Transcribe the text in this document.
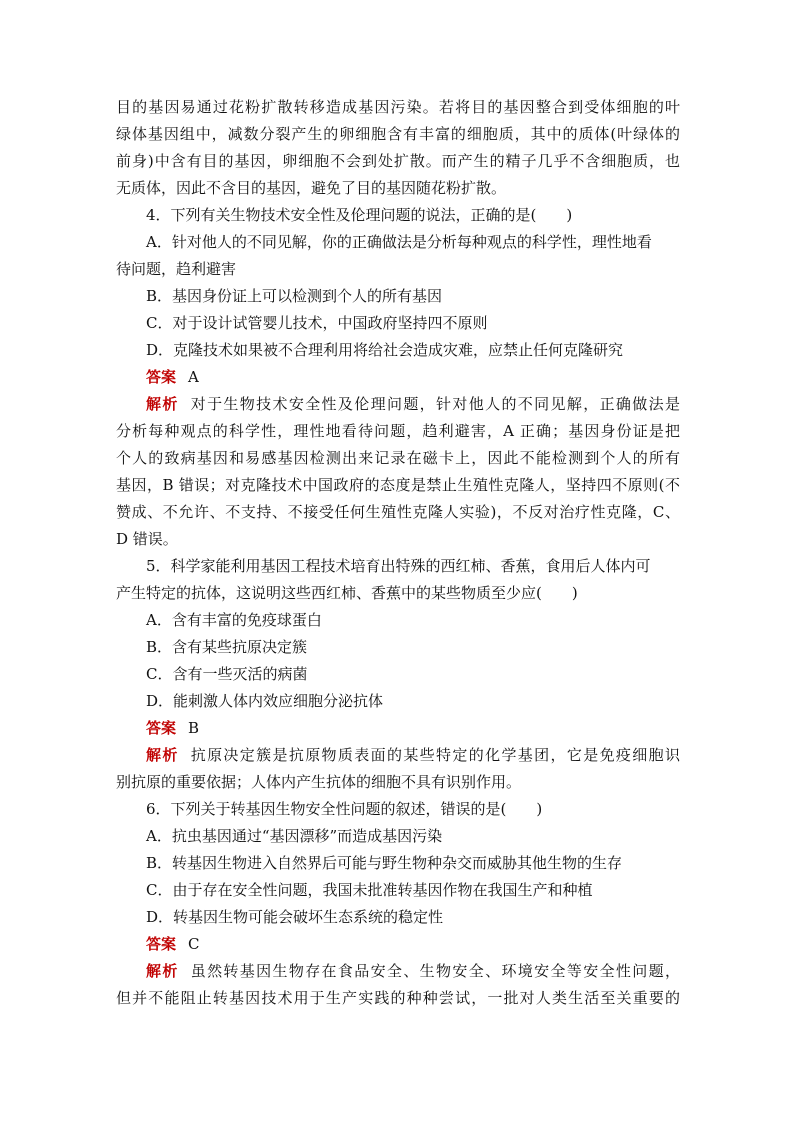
目的基因易通过花粉扩散转移造成基因污染。若将目的基因整合到受体细胞的叶
绿体基因组中，减数分裂产生的卵细胞含有丰富的细胞质，其中的质体(叶绿体的
前身)中含有目的基因，卵细胞不会到处扩散。而产生的精子几乎不含细胞质，也
无质体，因此不含目的基因，避免了目的基因随花粉扩散。
4．下列有关生物技术安全性及伦理问题的说法，正确的是(　　)
A．针对他人的不同见解，你的正确做法是分析每种观点的科学性，理性地看
待问题，趋利避害
B．基因身份证上可以检测到个人的所有基因
C．对于设计试管婴儿技术，中国政府坚持四不原则
D．克隆技术如果被不合理利用将给社会造成灾难，应禁止任何克隆研究
答案 A
解析 对于生物技术安全性及伦理问题，针对他人的不同见解，正确做法是
分析每种观点的科学性，理性地看待问题，趋利避害，A 正确；基因身份证是把
个人的致病基因和易感基因检测出来记录在磁卡上，因此不能检测到个人的所有
基因，B 错误；对克隆技术中国政府的态度是禁止生殖性克隆人，坚持四不原则(不
赞成、不允许、不支持、不接受任何生殖性克隆人实验)，不反对治疗性克隆，C、
D 错误。
5．科学家能利用基因工程技术培育出特殊的西红柿、香蕉，食用后人体内可
产生特定的抗体，这说明这些西红柿、香蕉中的某些物质至少应(　　)
A．含有丰富的免疫球蛋白
B．含有某些抗原决定簇
C．含有一些灭活的病菌
D．能刺激人体内效应细胞分泌抗体
答案 B
解析 抗原决定簇是抗原物质表面的某些特定的化学基团，它是免疫细胞识
别抗原的重要依据；人体内产生抗体的细胞不具有识别作用。
6．下列关于转基因生物安全性问题的叙述，错误的是(　　)
A．抗虫基因通过“基因漂移”而造成基因污染
B．转基因生物进入自然界后可能与野生物种杂交而威胁其他生物的生存
C．由于存在安全性问题，我国未批准转基因作物在我国生产和种植
D．转基因生物可能会破坏生态系统的稳定性
答案 C
解析 虽然转基因生物存在食品安全、生物安全、环境安全等安全性问题，
但并不能阻止转基因技术用于生产实践的种种尝试，一批对人类生活至关重要的
